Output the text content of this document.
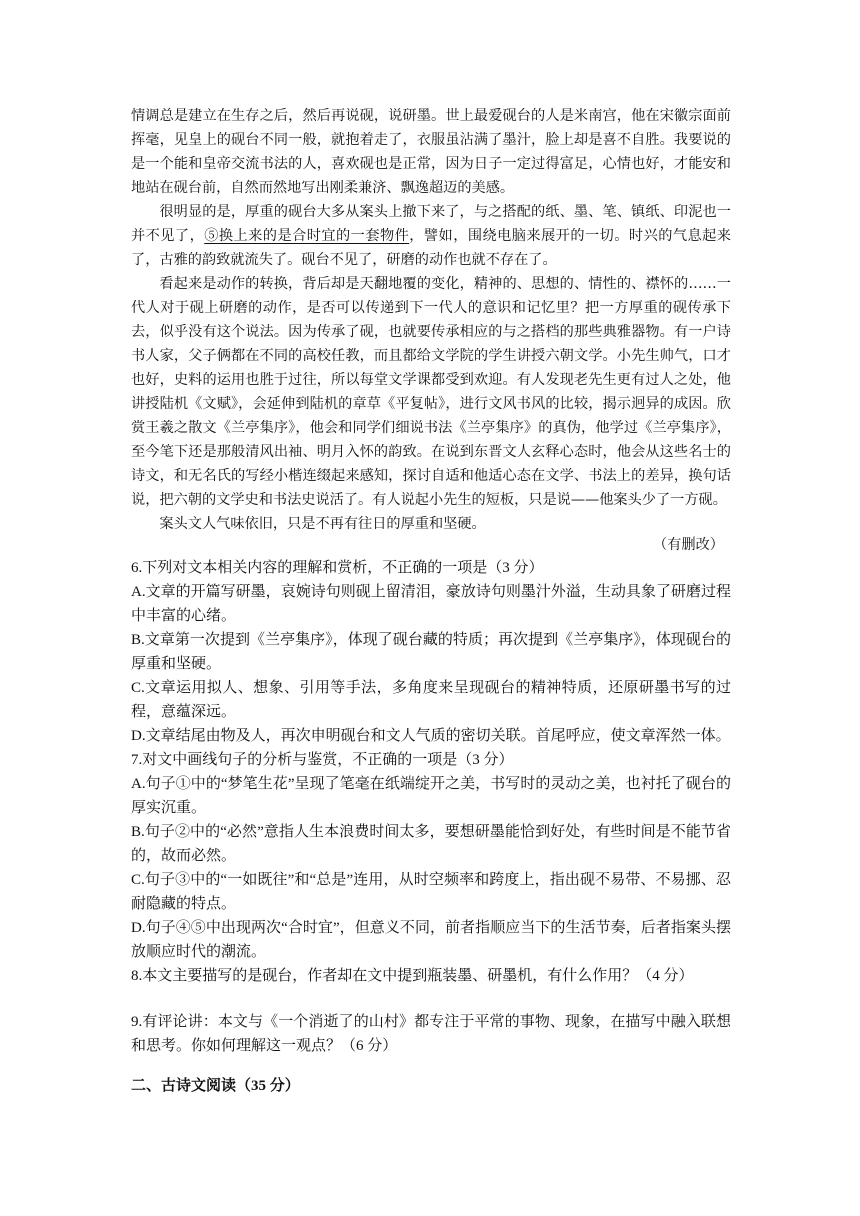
情调总是建立在生存之后，然后再说砚，说研墨。世上最爱砚台的人是米南宫，他在宋徽宗面前挥毫，见皇上的砚台不同一般，就抱着走了，衣服虽沾满了墨汁，脸上却是喜不自胜。我要说的是一个能和皇帝交流书法的人，喜欢砚也是正常，因为日子一定过得富足，心情也好，才能安和地站在砚台前，自然而然地写出刚柔兼济、飘逸超迈的美感。

很明显的是，厚重的砚台大多从案头上撤下来了，与之搭配的纸、墨、笔、镇纸、印泥也一并不见了，⑤换上来的是合时宜的一套物件，譬如，围绕电脑来展开的一切。时兴的气息起来了，古雅的韵致就流失了。砚台不见了，研磨的动作也就不存在了。

看起来是动作的转换，背后却是天翻地覆的变化，精神的、思想的、情性的、襟怀的……一代人对于砚上研磨的动作，是否可以传递到下一代人的意识和记忆里？把一方厚重的砚传承下去，似乎没有这个说法。因为传承了砚，也就要传承相应的与之搭档的那些典雅器物。有一户诗书人家，父子俩都在不同的高校任教，而且都给文学院的学生讲授六朝文学。小先生帅气，口才也好，史料的运用也胜于过往，所以每堂文学课都受到欢迎。有人发现老先生更有过人之处，他讲授陆机《文赋》，会延伸到陆机的章草《平复帖》，进行文风书风的比较，揭示迥异的成因。欣赏王羲之散文《兰亭集序》，他会和同学们细说书法《兰亭集序》的真伪，他学过《兰亭集序》，至今笔下还是那般清风出袖、明月入怀的韵致。在说到东晋文人玄释心态时，他会从这些名士的诗文，和无名氏的写经小楷连缀起来感知，探讨自适和他适心态在文学、书法上的差异，换句话说，把六朝的文学史和书法史说活了。有人说起小先生的短板，只是说——他案头少了一方砚。

案头文人气味依旧，只是不再有往日的厚重和坚硬。

（有删改）

6.下列对文本相关内容的理解和赏析，不正确的一项是（3 分）

A.文章的开篇写研墨，哀婉诗句则砚上留清泪，豪放诗句则墨汁外溢，生动具象了研磨过程中丰富的心绪。

B.文章第一次提到《兰亭集序》，体现了砚台藏的特质；再次提到《兰亭集序》，体现砚台的厚重和坚硬。

C.文章运用拟人、想象、引用等手法，多角度来呈现砚台的精神特质，还原研墨书写的过程，意蕴深远。

D.文章结尾由物及人，再次申明砚台和文人气质的密切关联。首尾呼应，使文章浑然一体。

7.对文中画线句子的分析与鉴赏，不正确的一项是（3 分）

A.句子①中的“梦笔生花”呈现了笔毫在纸端绽开之美，书写时的灵动之美，也衬托了砚台的厚实沉重。

B.句子②中的“必然”意指人生本浪费时间太多，要想研墨能恰到好处，有些时间是不能节省的，故而必然。

C.句子③中的“一如既往”和“总是”连用，从时空频率和跨度上，指出砚不易带、不易挪、忍耐隐藏的特点。

D.句子④⑤中出现两次“合时宜”，但意义不同，前者指顺应当下的生活节奏，后者指案头摆放顺应时代的潮流。

8.本文主要描写的是砚台，作者却在文中提到瓶装墨、研墨机，有什么作用？（4 分）

9.有评论讲：本文与《一个消逝了的山村》都专注于平常的事物、现象，在描写中融入联想和思考。你如何理解这一观点？（6 分）

二、古诗文阅读（35 分）
